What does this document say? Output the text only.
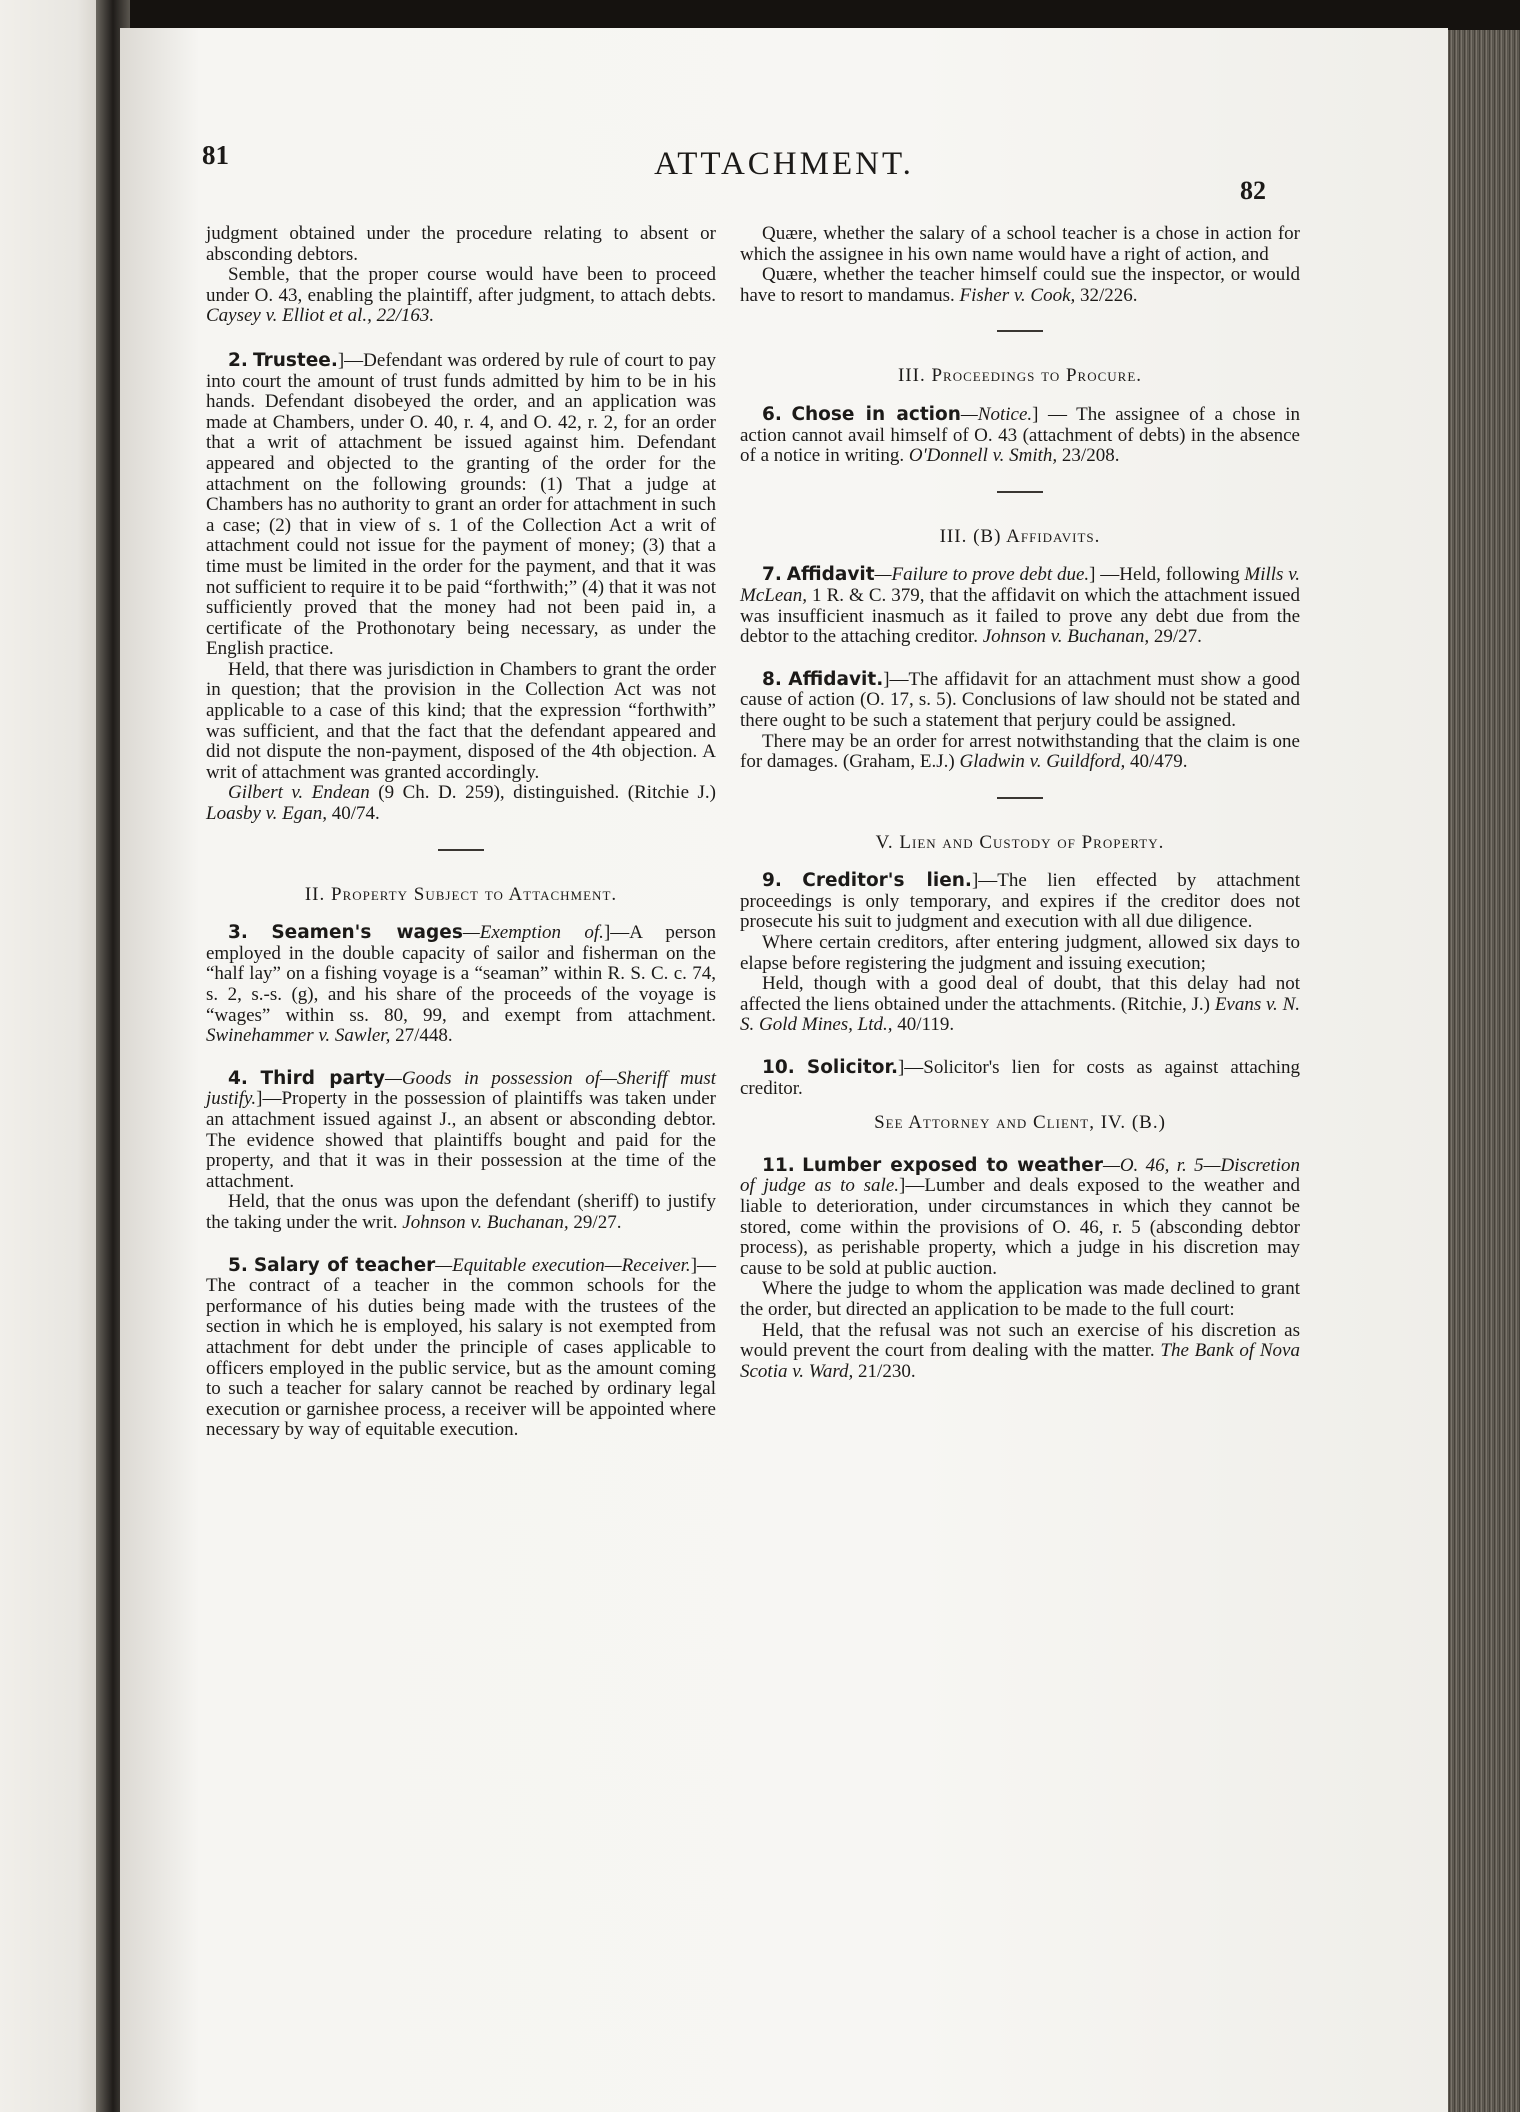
81	ATTACHMENT.
82

judgment obtained under the procedure relating to absent or absconding debtors.

Semble, that the proper course would have been to proceed under O. 43, enabling the plaintiff, after judgment, to attach debts. Caysey v. Elliot et al., 22/163.

2. Trustee.]—Defendant was ordered by rule of court to pay into court the amount of trust funds admitted by him to be in his hands. Defendant disobeyed the order, and an application was made at Chambers, under O. 40, r. 4, and O. 42, r. 2, for an order that a writ of attachment be issued against him. Defendant appeared and objected to the granting of the order for the attachment on the following grounds: (1) That a judge at Chambers has no authority to grant an order for attachment in such a case; (2) that in view of s. 1 of the Collection Act a writ of attachment could not issue for the payment of money; (3) that a time must be limited in the order for the payment, and that it was not sufficient to require it to be paid “forthwith;” (4) that it was not sufficiently proved that the money had not been paid in, a certificate of the Prothonotary being necessary, as under the English practice.

Held, that there was jurisdiction in Chambers to grant the order in question; that the provision in the Collection Act was not applicable to a case of this kind; that the expression “forthwith” was sufficient, and that the fact that the defendant appeared and did not dispute the non-payment, disposed of the 4th objection. A writ of attachment was granted accordingly.

Gilbert v. Endean (9 Ch. D. 259), distinguished. (Ritchie J.) Loasby v. Egan, 40/74.

II. Property Subject to Attachment.

3. Seamen's wages—Exemption of.]—A person employed in the double capacity of sailor and fisherman on the “half lay” on a fishing voyage is a “seaman” within R. S. C. c. 74, s. 2, s.-s. (g), and his share of the proceeds of the voyage is “wages” within ss. 80, 99, and exempt from attachment. Swinehammer v. Sawler, 27/448.

4. Third party—Goods in possession of—Sheriff must justify.]—Property in the possession of plaintiffs was taken under an attachment issued against J., an absent or absconding debtor. The evidence showed that plaintiffs bought and paid for the property, and that it was in their possession at the time of the attachment.

Held, that the onus was upon the defendant (sheriff) to justify the taking under the writ. Johnson v. Buchanan, 29/27.

5. Salary of teacher—Equitable execution—Receiver.]—The contract of a teacher in the common schools for the performance of his duties being made with the trustees of the section in which he is employed, his salary is not exempted from attachment for debt under the principle of cases applicable to officers employed in the public service, but as the amount coming to such a teacher for salary cannot be reached by ordinary legal execution or garnishee process, a receiver will be appointed where necessary by way of equitable execution.

Quære, whether the salary of a school teacher is a chose in action for which the assignee in his own name would have a right of action, and

Quære, whether the teacher himself could sue the inspector, or would have to resort to mandamus. Fisher v. Cook, 32/226.

III. Proceedings to Procure.

6. Chose in action—Notice.] — The assignee of a chose in action cannot avail himself of O. 43 (attachment of debts) in the absence of a notice in writing. O'Donnell v. Smith, 23/208.

III. (B) Affidavits.

7. Affidavit—Failure to prove debt due.] —Held, following Mills v. McLean, 1 R. & C. 379, that the affidavit on which the attachment issued was insufficient inasmuch as it failed to prove any debt due from the debtor to the attaching creditor. Johnson v. Buchanan, 29/27.

8. Affidavit.]—The affidavit for an attachment must show a good cause of action (O. 17, s. 5). Conclusions of law should not be stated and there ought to be such a statement that perjury could be assigned.

There may be an order for arrest notwithstanding that the claim is one for damages. (Graham, E.J.) Gladwin v. Guildford, 40/479.

V. Lien and Custody of Property.

9. Creditor's lien.]—The lien effected by attachment proceedings is only temporary, and expires if the creditor does not prosecute his suit to judgment and execution with all due diligence.

Where certain creditors, after entering judgment, allowed six days to elapse before registering the judgment and issuing execution;

Held, though with a good deal of doubt, that this delay had not affected the liens obtained under the attachments. (Ritchie, J.) Evans v. N. S. Gold Mines, Ltd., 40/119.

10. Solicitor.]—Solicitor's lien for costs as against attaching creditor.

See Attorney and Client, IV. (B.)

11. Lumber exposed to weather—O. 46, r. 5—Discretion of judge as to sale.]—Lumber and deals exposed to the weather and liable to deterioration, under circumstances in which they cannot be stored, come within the provisions of O. 46, r. 5 (absconding debtor process), as perishable property, which a judge in his discretion may cause to be sold at public auction.

Where the judge to whom the application was made declined to grant the order, but directed an application to be made to the full court:

Held, that the refusal was not such an exercise of his discretion as would prevent the court from dealing with the matter. The Bank of Nova Scotia v. Ward, 21/230.
